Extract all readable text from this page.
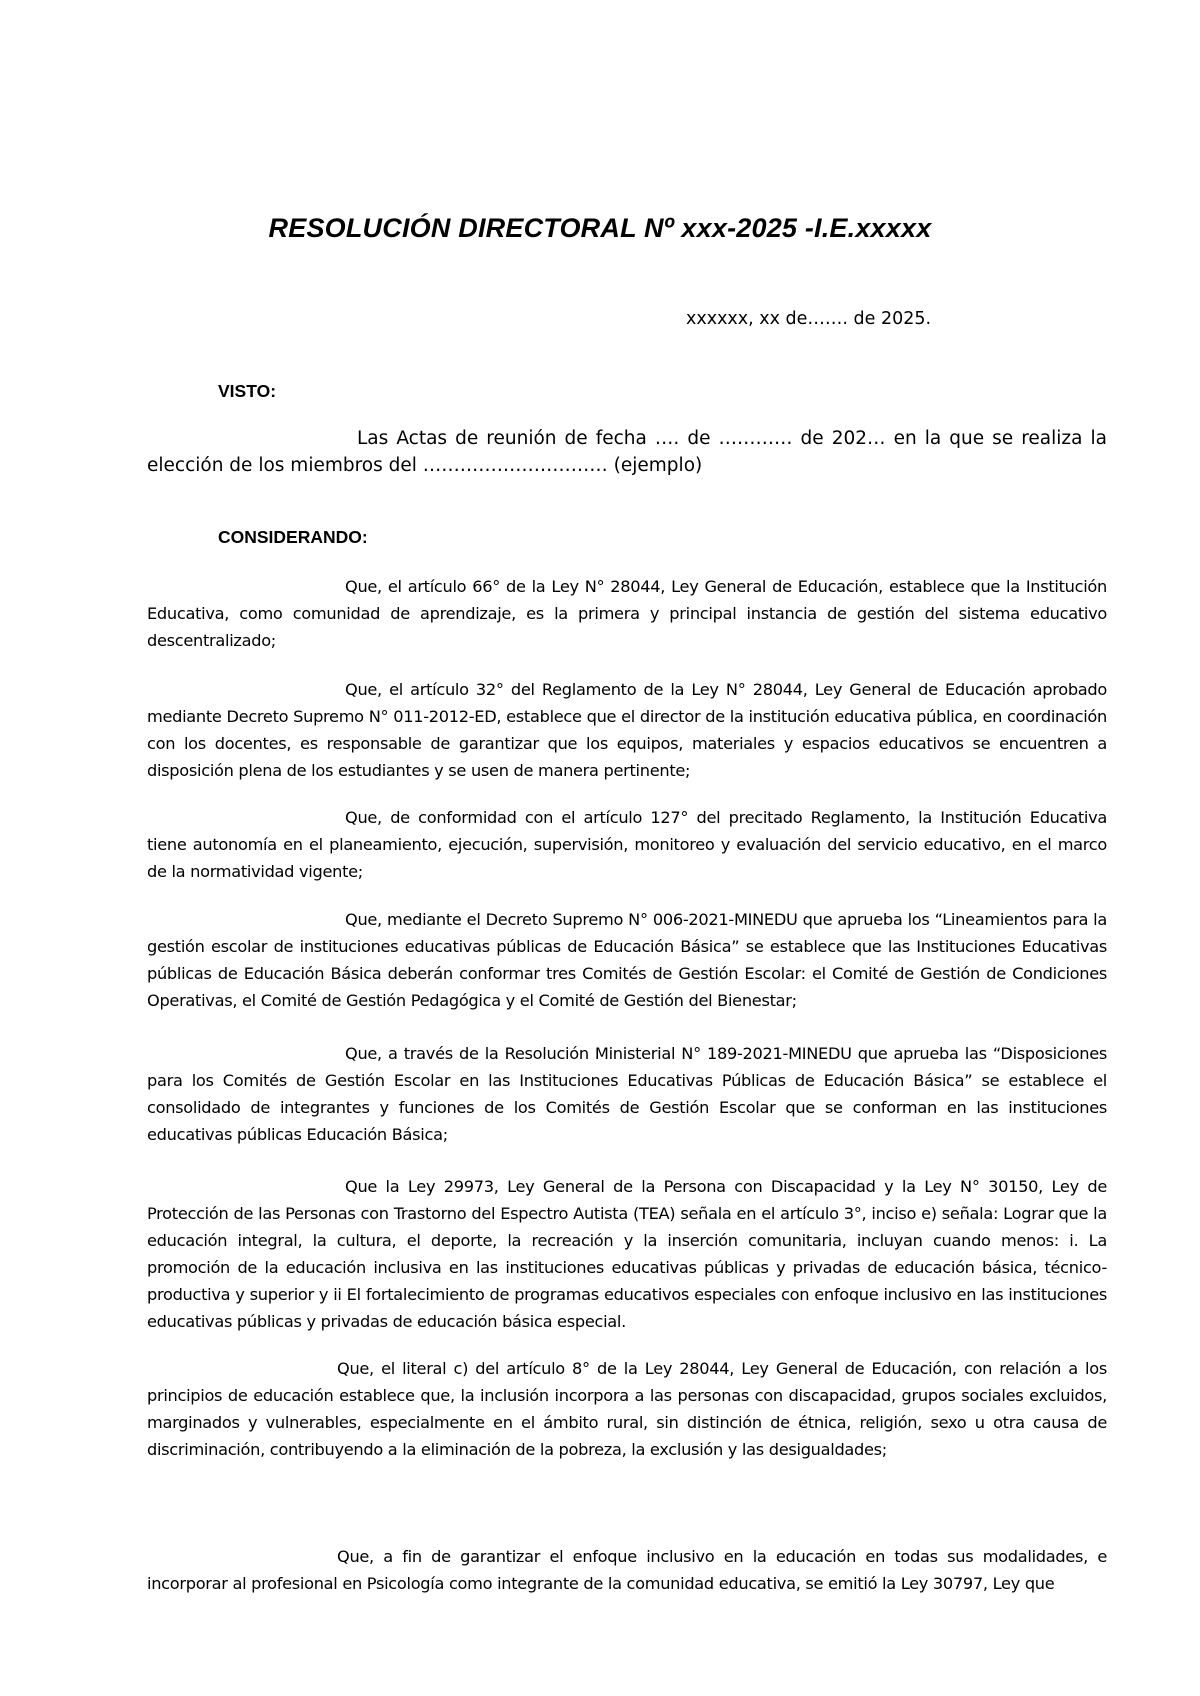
RESOLUCIÓN DIRECTORAL Nº xxx-2025 -I.E.xxxxx
xxxxxx, xx de……. de 2025.
VISTO:
Las Actas de reunión de fecha …. de ………… de 202… en la que se realiza la elección de los miembros del ………………………… (ejemplo)
CONSIDERANDO:
Que, el artículo 66° de la Ley N° 28044, Ley General de Educación, establece que la Institución Educativa, como comunidad de aprendizaje, es la primera y principal instancia de gestión del sistema educativo descentralizado;
Que, el artículo 32° del Reglamento de la Ley N° 28044, Ley General de Educación aprobado mediante Decreto Supremo N° 011-2012-ED, establece que el director de la institución educativa pública, en coordinación con los docentes, es responsable de garantizar que los equipos, materiales y espacios educativos se encuentren a disposición plena de los estudiantes y se usen de manera pertinente;
Que, de conformidad con el artículo 127° del precitado Reglamento, la Institución Educativa tiene autonomía en el planeamiento, ejecución, supervisión, monitoreo y evaluación del servicio educativo, en el marco de la normatividad vigente;
Que, mediante el Decreto Supremo N° 006-2021-MINEDU que aprueba los “Lineamientos para la gestión escolar de instituciones educativas públicas de Educación Básica” se establece que las Instituciones Educativas públicas de Educación Básica deberán conformar tres Comités de Gestión Escolar: el Comité de Gestión de Condiciones Operativas, el Comité de Gestión Pedagógica y el Comité de Gestión del Bienestar;
Que, a través de la Resolución Ministerial N° 189-2021-MINEDU que aprueba las “Disposiciones para los Comités de Gestión Escolar en las Instituciones Educativas Públicas de Educación Básica” se establece el consolidado de integrantes y funciones de los Comités de Gestión Escolar que se conforman en las instituciones educativas públicas Educación Básica;
Que la Ley 29973, Ley General de la Persona con Discapacidad y la Ley N° 30150, Ley de Protección de las Personas con Trastorno del Espectro Autista (TEA) señala en el artículo 3°, inciso e) señala: Lograr que la educación integral, la cultura, el deporte, la recreación y la inserción comunitaria, incluyan cuando menos: i. La promoción de la educación inclusiva en las instituciones educativas públicas y privadas de educación básica, técnico-productiva y superior y ii El fortalecimiento de programas educativos especiales con enfoque inclusivo en las instituciones educativas públicas y privadas de educación básica especial.
Que, el literal c) del artículo 8° de la Ley 28044, Ley General de Educación, con relación a los principios de educación establece que, la inclusión incorpora a las personas con discapacidad, grupos sociales excluidos, marginados y vulnerables, especialmente en el ámbito rural, sin distinción de étnica, religión, sexo u otra causa de discriminación, contribuyendo a la eliminación de la pobreza, la exclusión y las desigualdades;
Que, a fin de garantizar el enfoque inclusivo en la educación en todas sus modalidades, e incorporar al profesional en Psicología como integrante de la comunidad educativa, se emitió la Ley 30797, Ley que
